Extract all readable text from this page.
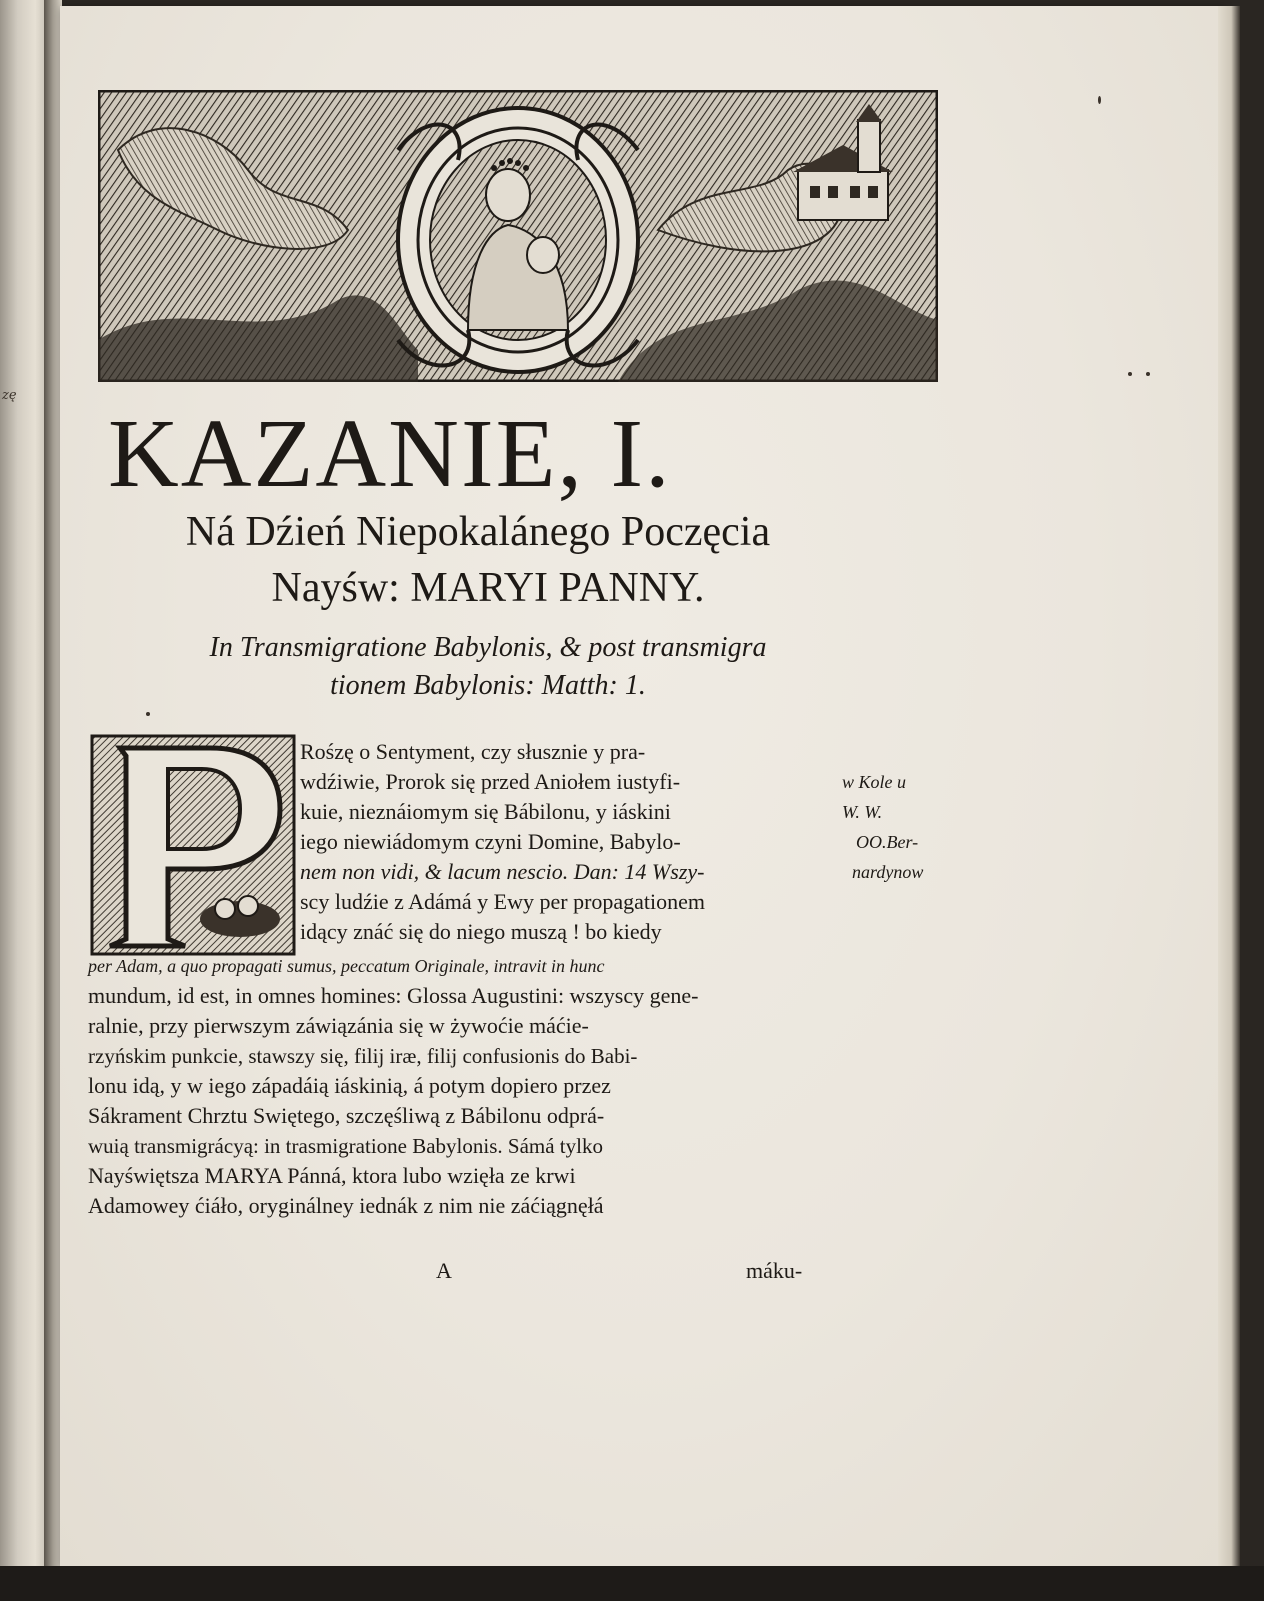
zę
KAZANIE, I.
Ná Dźień Niepokalánego Poczęcia
Nayśw: MARYI PANNY.
In Transmigratione Babylonis, & post transmigra
tionem Babylonis: Matth: 1.
Rośzę o Sentyment, czy słusznie y pra-
wdźiwie, Prorok się przed Aniołem iustyfi-
kuie, nieznáiomym się Bábilonu, y iáskini
iego niewiádomym czyni Domine, Babylo-
nem non vidi, & lacum nescio. Dan: 14 Wszy-
scy ludźie z Adámá y Ewy per propagationem
idący znáć się do niego muszą ! bo kiedy
per Adam, a quo propagati sumus, peccatum Originale, intravit in hunc
mundum, id est, in omnes homines: Glossa Augustini: wszyscy gene-
ralnie, przy pierwszym záwiązánia się w żywoćie máćie-
rzyńskim punkcie, stawszy się, filij iræ, filij confusionis do Babi-
lonu idą, y w iego západáią iáskinią, á potym dopiero przez
Sákrament Chrztu Swiętego, szczęśliwą z Bábilonu odprá-
wuią transmigrácyą: in trasmigratione Babylonis. Sámá tylko
Nayświętsza MARYA Pánná, ktora lubo wzięła ze krwi
Adamowey ćiáło, oryginálney iednák z nim nie záćiągnęłá
w Kole u
W. W.
OO.Ber-
nardynow
A	máku-
